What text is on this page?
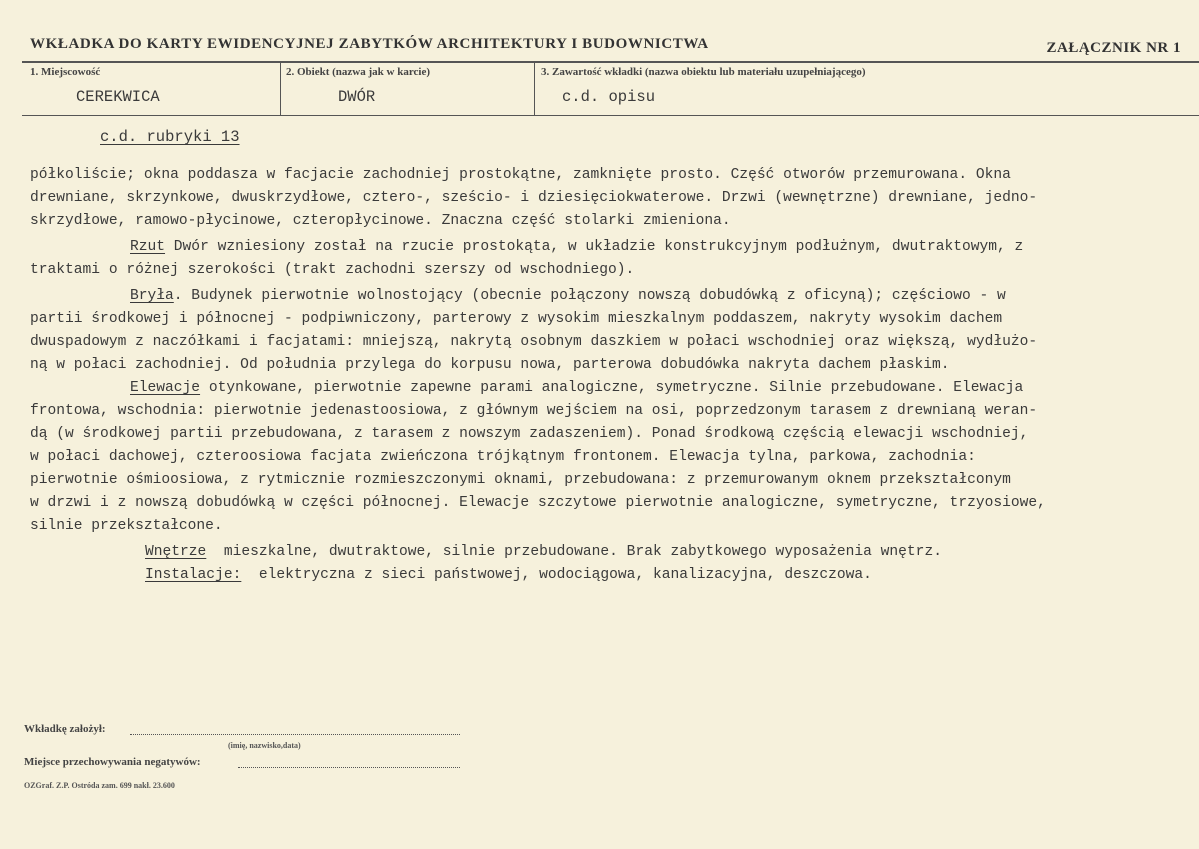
WKŁADKA DO KARTY EWIDENCYJNEJ ZABYTKÓW ARCHITEKTURY I BUDOWNICTWA	ZAŁĄCZNIK NR 1
1. Miejscowość
CEREKWICA
2. Obiekt (nazwa jak w karcie)
DWÓR
3. Zawartość wkładki (nazwa obiektu lub materiału uzupełniającego)
c.d. opisu
c.d. rubryki 13
półkoliście; okna poddasza w facjacie zachodniej prostokątne, zamknięte prosto. Część otworów przemurowana. Okna
drewniane, skrzynkowe, dwuskrzydłowe, cztero-, sześcio- i dziesięciokwaterowe. Drzwi (wewnętrzne) drewniane, jedno-
skrzydłowe, ramowo-płycinowe, czteropłycinowe. Znaczna część stolarki zmieniona.
Rzut Dwór wzniesiony został na rzucie prostokąta, w układzie konstrukcyjnym podłużnym, dwutraktowym, z
traktami o różnej szerokości (trakt zachodni szerszy od wschodniego).
Bryła. Budynek pierwotnie wolnostojący (obecnie połączony nowszą dobudówką z oficyną); częściowo - w
partii środkowej i północnej - podpiwniczony, parterowy z wysokim mieszkalnym poddaszem, nakryty wysokim dachem
dwuspadowym z naczółkami i facjatami: mniejszą, nakrytą osobnym daszkiem w połaci wschodniej oraz większą, wydłużo-
ną w połaci zachodniej. Od południa przylega do korpusu nowa, parterowa dobudówka nakryta dachem płaskim.
Elewacje otynkowane, pierwotnie zapewne parami analogiczne, symetryczne. Silnie przebudowane. Elewacja
frontowa, wschodnia: pierwotnie jedenastoosiowa, z głównym wejściem na osi, poprzedzonym tarasem z drewnianą weran-
dą (w środkowej partii przebudowana, z tarasem z nowszym zadaszeniem). Ponad środkową częścią elewacji wschodniej,
w połaci dachowej, czteroosiowa facjata zwieńczona trójkątnym frontonem. Elewacja tylna, parkowa, zachodnia:
pierwotnie ośmioosiowa, z rytmicznie rozmieszczonymi oknami, przebudowana: z przemurowanym oknem przekształconym
w drzwi i z nowszą dobudówką w części północnej. Elewacje szczytowe pierwotnie analogiczne, symetryczne, trzyosiowe,
silnie przekształcone.
Wnętrze  mieszkalne, dwutraktowe, silnie przebudowane. Brak zabytkowego wyposażenia wnętrz.
Instalacje:  elektryczna z sieci państwowej, wodociągowa, kanalizacyjna, deszczowa.
Wkładkę założył:
(imię, nazwisko,data)
Miejsce przechowywania negatywów:
OZGraf. Z.P. Ostróda zam. 699 nakł. 23.600
